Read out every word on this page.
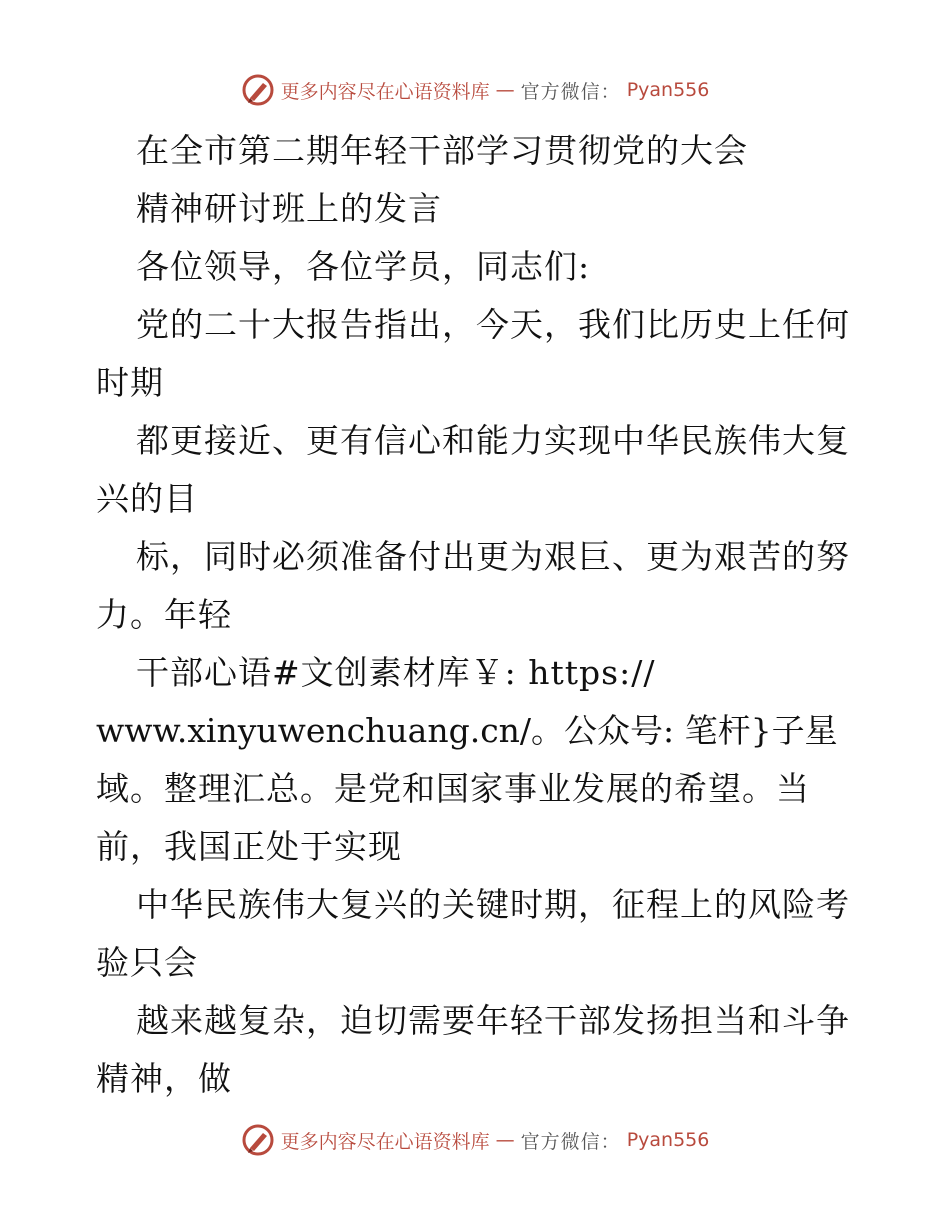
更多内容尽在心语资料库 — 官方微信： Pyan556
在全市第二期年轻干部学习贯彻党的大会
精神研讨班上的发言
各位领导，各位学员，同志们:
党的二十大报告指出，今天，我们比历史上任何
时期
都更接近、更有信心和能力实现中华民族伟大复
兴的目
标，同时必须准备付出更为艰巨、更为艰苦的努
力。年轻
干部心语#文创素材库￥: https://
www.xinyuwenchuang.cn/。公众号: 笔杆}子星
域。整理汇总。是党和国家事业发展的希望。当
前，我国正处于实现
中华民族伟大复兴的关键时期，征程上的风险考
验只会
越来越复杂，迫切需要年轻干部发扬担当和斗争
精神，做
更多内容尽在心语资料库 — 官方微信： Pyan556
